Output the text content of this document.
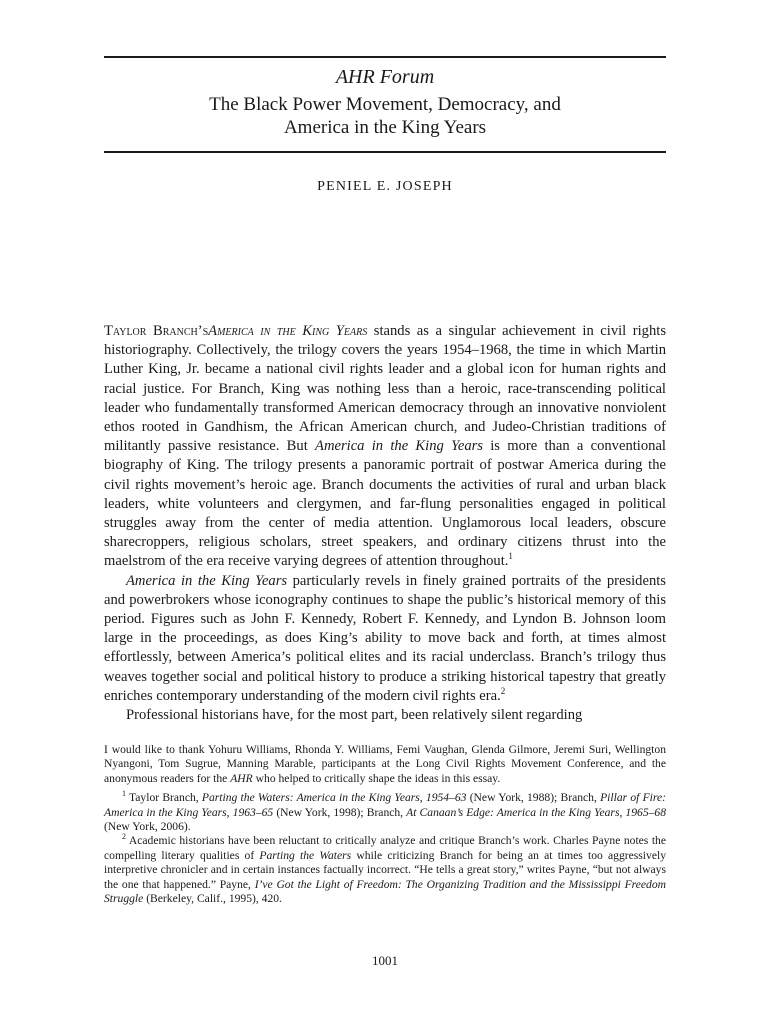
AHR Forum
The Black Power Movement, Democracy, and
America in the King Years
PENIEL E. JOSEPH

Taylor Branch’sAmerica in the King Years stands as a singular achievement in civil rights historiography. Collectively, the trilogy covers the years 1954–1968, the time in which Martin Luther King, Jr. became a national civil rights leader and a global icon for human rights and racial justice. For Branch, King was nothing less than a heroic, race-transcending political leader who fundamentally transformed American democracy through an innovative nonviolent ethos rooted in Gandhism, the African American church, and Judeo-Christian traditions of militantly passive resistance. But America in the King Years is more than a conventional biography of King. The trilogy presents a panoramic portrait of postwar America during the civil rights movement’s heroic age. Branch documents the activities of rural and urban black leaders, white volunteers and clergymen, and far-flung personalities engaged in political struggles away from the center of media attention. Unglamorous local leaders, obscure sharecroppers, religious scholars, street speakers, and ordinary citizens thrust into the maelstrom of the era receive varying degrees of attention throughout.$^1$

America in the King Years particularly revels in finely grained portraits of the presidents and powerbrokers whose iconography continues to shape the public’s historical memory of this period. Figures such as John F. Kennedy, Robert F. Kennedy, and Lyndon B. Johnson loom large in the proceedings, as does King’s ability to move back and forth, at times almost effortlessly, between America’s political elites and its racial underclass. Branch’s trilogy thus weaves together social and political history to produce a striking historical tapestry that greatly enriches contemporary understanding of the modern civil rights era.$^2$

Professional historians have, for the most part, been relatively silent regarding

I would like to thank Yohuru Williams, Rhonda Y. Williams, Femi Vaughan, Glenda Gilmore, Jeremi Suri, Wellington Nyangoni, Tom Sugrue, Manning Marable, participants at the Long Civil Rights Movement Conference, and the anonymous readers for the AHR who helped to critically shape the ideas in this essay.

$^1$ Taylor Branch, Parting the Waters: America in the King Years, 1954–63 (New York, 1988); Branch, Pillar of Fire: America in the King Years, 1963–65 (New York, 1998); Branch, At Canaan’s Edge: America in the King Years, 1965–68 (New York, 2006).

$^2$ Academic historians have been reluctant to critically analyze and critique Branch’s work. Charles Payne notes the compelling literary qualities of Parting the Waters while criticizing Branch for being an at times too aggressively interpretive chronicler and in certain instances factually incorrect. “He tells a great story,” writes Payne, “but not always the one that happened.” Payne, I’ve Got the Light of Freedom: The Organizing Tradition and the Mississippi Freedom Struggle (Berkeley, Calif., 1995), 420.

1001
